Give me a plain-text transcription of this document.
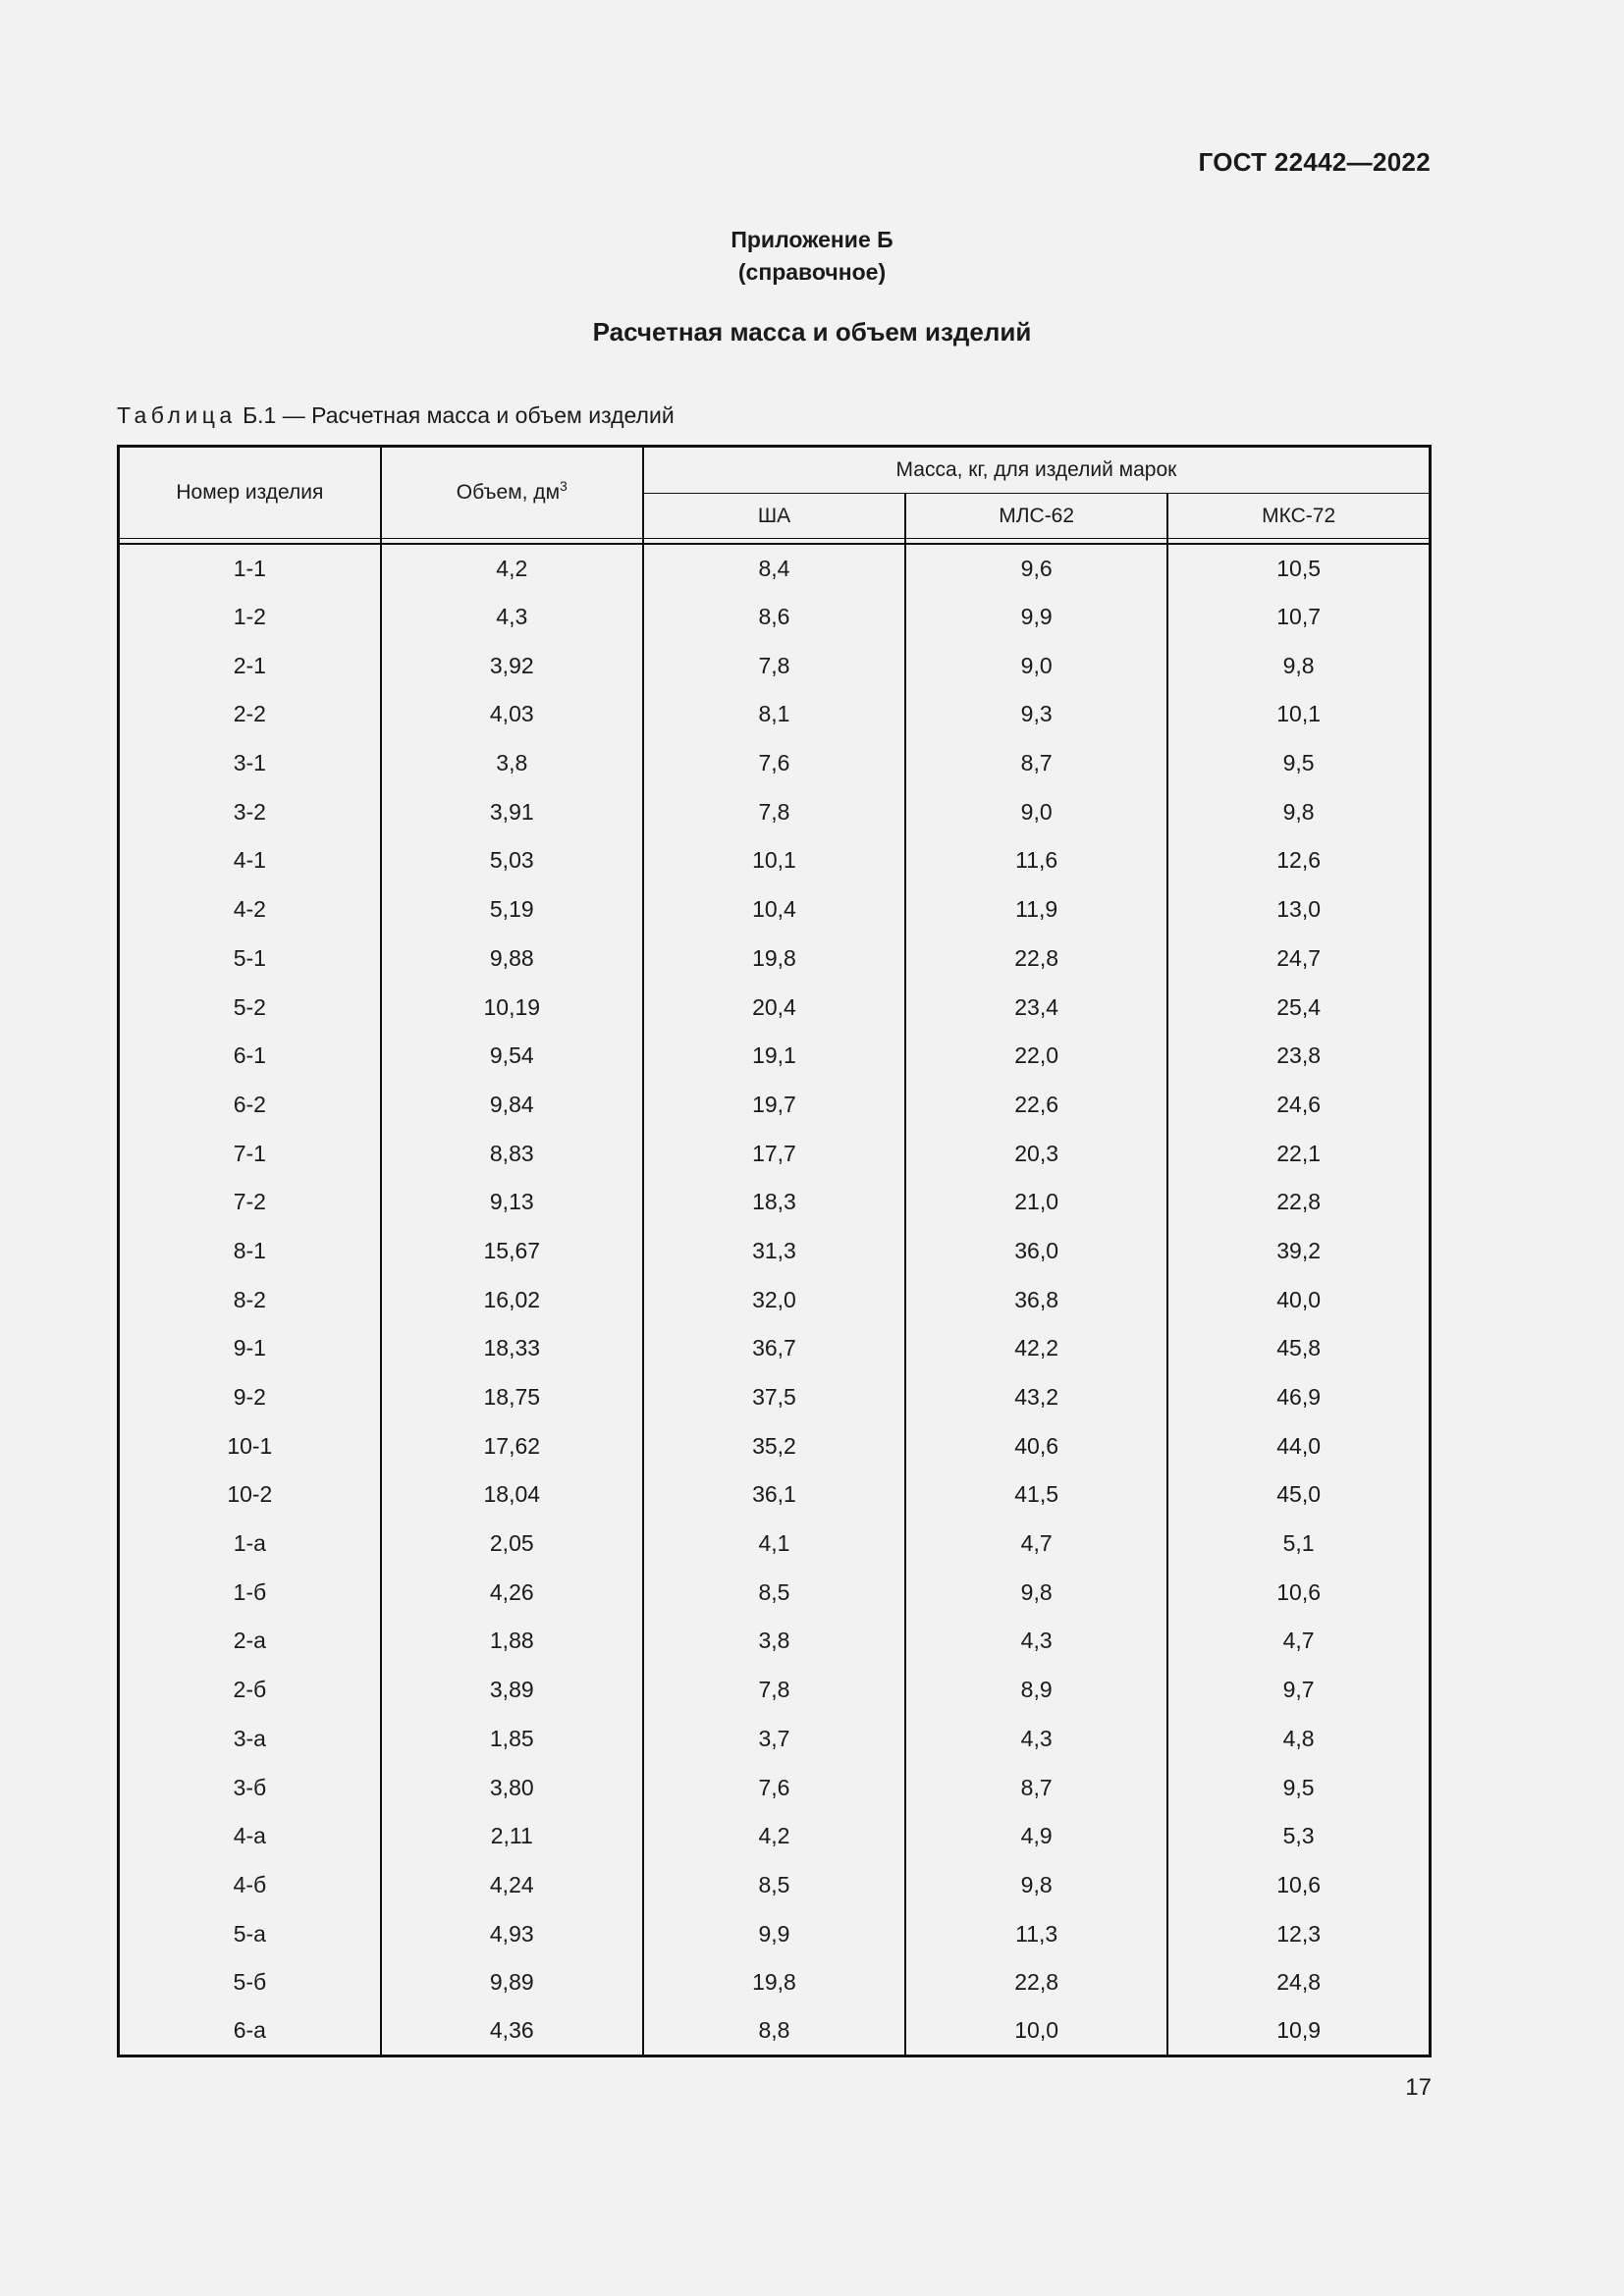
ГОСТ 22442—2022
Приложение Б
(справочное)
Расчетная масса и объем изделий
Таблица Б.1 — Расчетная масса и объем изделий
Номер изделия	Объем, $дм^3$	Масса, кг, для изделий марок		
		ША	МЛС-62	МКС-72

1-1	4,2	8,4	9,6	10,5
1-2	4,3	8,6	9,9	10,7
2-1	3,92	7,8	9,0	9,8
2-2	4,03	8,1	9,3	10,1
3-1	3,8	7,6	8,7	9,5
3-2	3,91	7,8	9,0	9,8
4-1	5,03	10,1	11,6	12,6
4-2	5,19	10,4	11,9	13,0
5-1	9,88	19,8	22,8	24,7
5-2	10,19	20,4	23,4	25,4
6-1	9,54	19,1	22,0	23,8
6-2	9,84	19,7	22,6	24,6
7-1	8,83	17,7	20,3	22,1
7-2	9,13	18,3	21,0	22,8
8-1	15,67	31,3	36,0	39,2
8-2	16,02	32,0	36,8	40,0
9-1	18,33	36,7	42,2	45,8
9-2	18,75	37,5	43,2	46,9
10-1	17,62	35,2	40,6	44,0
10-2	18,04	36,1	41,5	45,0
1-а	2,05	4,1	4,7	5,1
1-б	4,26	8,5	9,8	10,6
2-а	1,88	3,8	4,3	4,7
2-б	3,89	7,8	8,9	9,7
3-а	1,85	3,7	4,3	4,8
3-б	3,80	7,6	8,7	9,5
4-а	2,11	4,2	4,9	5,3
4-б	4,24	8,5	9,8	10,6
5-а	4,93	9,9	11,3	12,3
5-б	9,89	19,8	22,8	24,8
6-а	4,36	8,8	10,0	10,9
17
